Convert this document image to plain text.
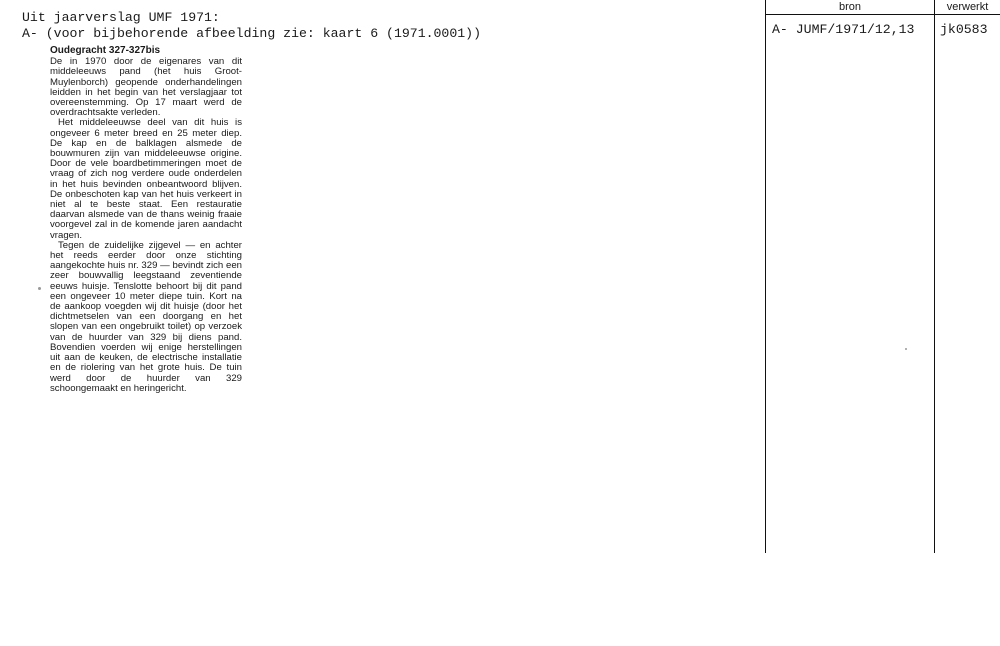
Uit jaarverslag UMF 1971:
A- (voor bijbehorende afbeelding zie: kaart 6 (1971.0001))
Oudegracht 327-327bis

De in 1970 door de eigenares van dit middeleeuws pand (het huis Groot-Muylenborch) geopende onderhandelingen leidden in het begin van het verslagjaar tot overeenstemming. Op 17 maart werd de overdrachtsakte verleden.

Het middeleeuwse deel van dit huis is ongeveer 6 meter breed en 25 meter diep. De kap en de balklagen alsmede de bouwmuren zijn van middeleeuwse origine. Door de vele boardbetimmeringen moet de vraag of zich nog verdere oude onderdelen in het huis bevinden onbeantwoord blijven. De onbeschoten kap van het huis verkeert in niet al te beste staat. Een restauratie daarvan alsmede van de thans weinig fraaie voorgevel zal in de komende jaren aandacht vragen.

Tegen de zuidelijke zijgevel — en achter het reeds eerder door onze stichting aangekochte huis nr. 329 — bevindt zich een zeer bouwvallig leegstaand zeventiende eeuws huisje. Tenslotte behoort bij dit pand een ongeveer 10 meter diepe tuin. Kort na de aankoop voegden wij dit huisje (door het dichtmetselen van een doorgang en het slopen van een ongebruikt toilet) op verzoek van de huurder van 329 bij diens pand. Bovendien voerden wij enige herstellingen uit aan de keuken, de electrische installatie en de riolering van het grote huis. De tuin werd door de huurder van 329 schoongemaakt en heringericht.

bron	verwerkt
A- JUMF/1971/12,13 jk0583
